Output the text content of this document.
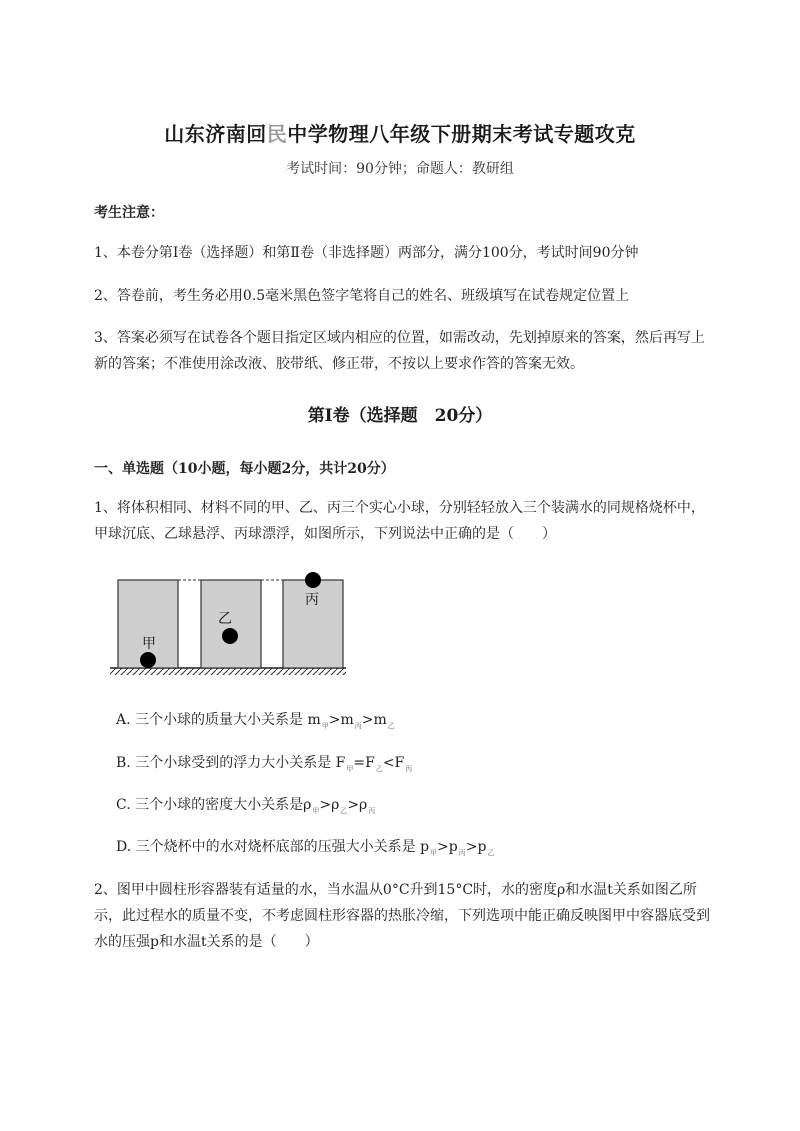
山东济南回民中学物理八年级下册期末考试专题攻克
考试时间：90分钟；命题人：教研组
考生注意：
1、本卷分第Ⅰ卷（选择题）和第Ⅱ卷（非选择题）两部分，满分100分，考试时间90分钟
2、答卷前，考生务必用0.5毫米黑色签字笔将自己的姓名、班级填写在试卷规定位置上
3、答案必须写在试卷各个题目指定区域内相应的位置，如需改动，先划掉原来的答案，然后再写上新的答案；不准使用涂改液、胶带纸、修正带，不按以上要求作答的答案无效。
第Ⅰ卷（选择题　20分）
一、单选题（10小题，每小题2分，共计20分）
1、将体积相同、材料不同的甲、乙、丙三个实心小球，分别轻轻放入三个装满水的同规格烧杯中，甲球沉底、乙球悬浮、丙球漂浮，如图所示，下列说法中正确的是（　　）
甲
乙
丙
A. 三个小球的质量大小关系是 $m_甲>m_丙>m_乙$
B. 三个小球受到的浮力大小关系是 $F_甲=F_乙<F_丙$
C. 三个小球的密度大小关系是$\rho_甲>\rho_乙>\rho_丙$
D. 三个烧杯中的水对烧杯底部的压强大小关系是 $p_甲>p_丙>p_乙$
2、图甲中圆柱形容器装有适量的水，当水温从0°C升到15°C时，水的密度ρ和水温t关系如图乙所示，此过程水的质量不变，不考虑圆柱形容器的热胀冷缩，下列选项中能正确反映图甲中容器底受到水的压强p和水温t关系的是（　　）
